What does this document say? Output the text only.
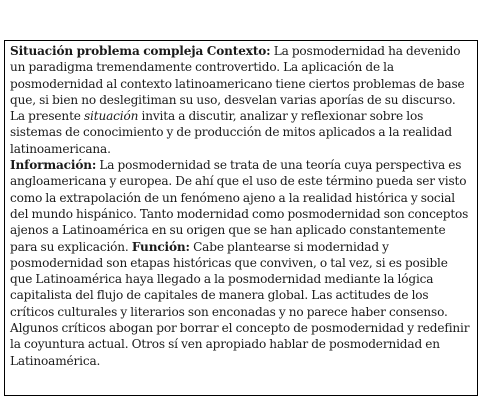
Situación problema compleja Contexto: La posmodernidad ha devenido un paradigma tremendamente controvertido. La aplicación de la posmodernidad al contexto latinoamericano tiene ciertos problemas de base que, si bien no deslegitiman su uso, desvelan varias aporías de su discurso. La presente situación invita a discutir, analizar y reflexionar sobre los sistemas de conocimiento y de producción de mitos aplicados a la realidad latinoamericana.
Información: La posmodernidad se trata de una teoría cuya perspectiva es angloamericana y europea. De ahí que el uso de este término pueda ser visto como la extrapolación de un fenómeno ajeno a la realidad histórica y social del mundo hispánico. Tanto modernidad como posmodernidad son conceptos ajenos a Latinoamérica en su origen que se han aplicado constantemente para su explicación. Función: Cabe plantearse si modernidad y posmodernidad son etapas históricas que conviven, o tal vez, si es posible que Latinoamérica haya llegado a la posmodernidad mediante la lógica capitalista del flujo de capitales de manera global. Las actitudes de los críticos culturales y literarios son enconadas y no parece haber consenso. Algunos críticos abogan por borrar el concepto de posmodernidad y redefinir la coyuntura actual. Otros sí ven apropiado hablar de posmodernidad en Latinoamérica.
